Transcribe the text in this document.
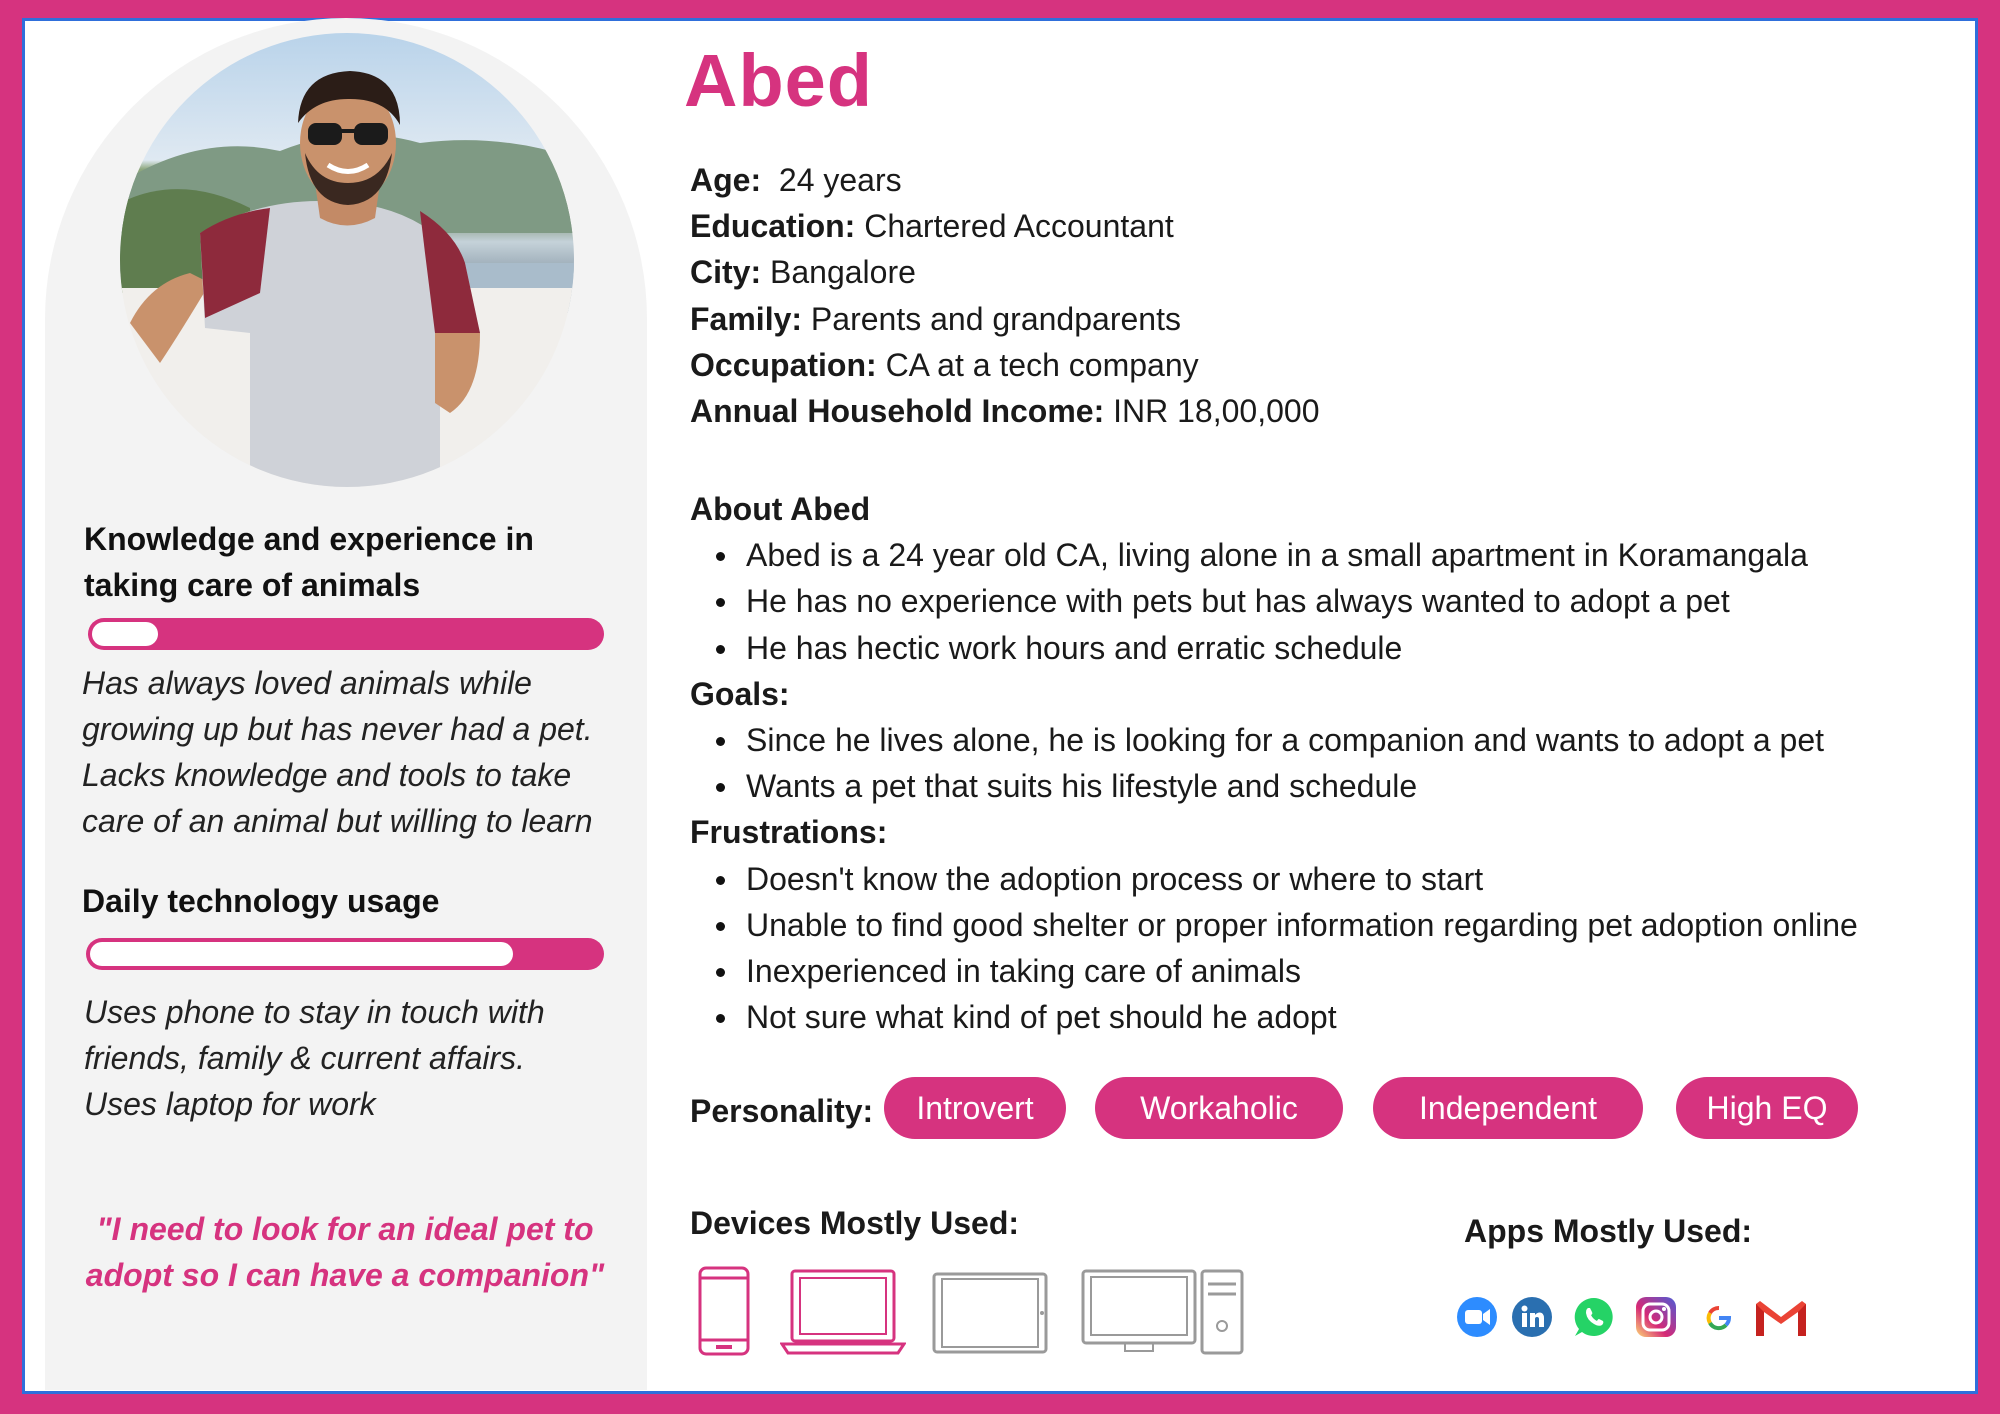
Knowledge and experience in
taking care of animals
Has always loved animals while
growing up but has never had a pet.
Lacks knowledge and tools to take
care of an animal but willing to learn
Daily technology usage
Uses phone to stay in touch with
friends, family & current affairs.
Uses laptop for work
"I need to look for an ideal pet to
adopt so I can have a companion"
Abed
Age: 24 years
Education: Chartered Accountant
City: Bangalore
Family: Parents and grandparents
Occupation: CA at a tech company
Annual Household Income: INR 18,00,000
About Abed
Abed is a 24 year old CA, living alone in a small apartment in Koramangala
He has no experience with pets but has always wanted to adopt a pet
He has hectic work hours and erratic schedule
Goals:
Since he lives alone, he is looking for a companion and wants to adopt a pet
Wants a pet that suits his lifestyle and schedule
Frustrations:
Doesn't know the adoption process or where to start
Unable to find good shelter or proper information regarding pet adoption online
Inexperienced in taking care of animals
Not sure what kind of pet should he adopt
Personality:	Introvert	Workaholic	Independent	High EQ
Devices Mostly Used:	Apps Mostly Used:
